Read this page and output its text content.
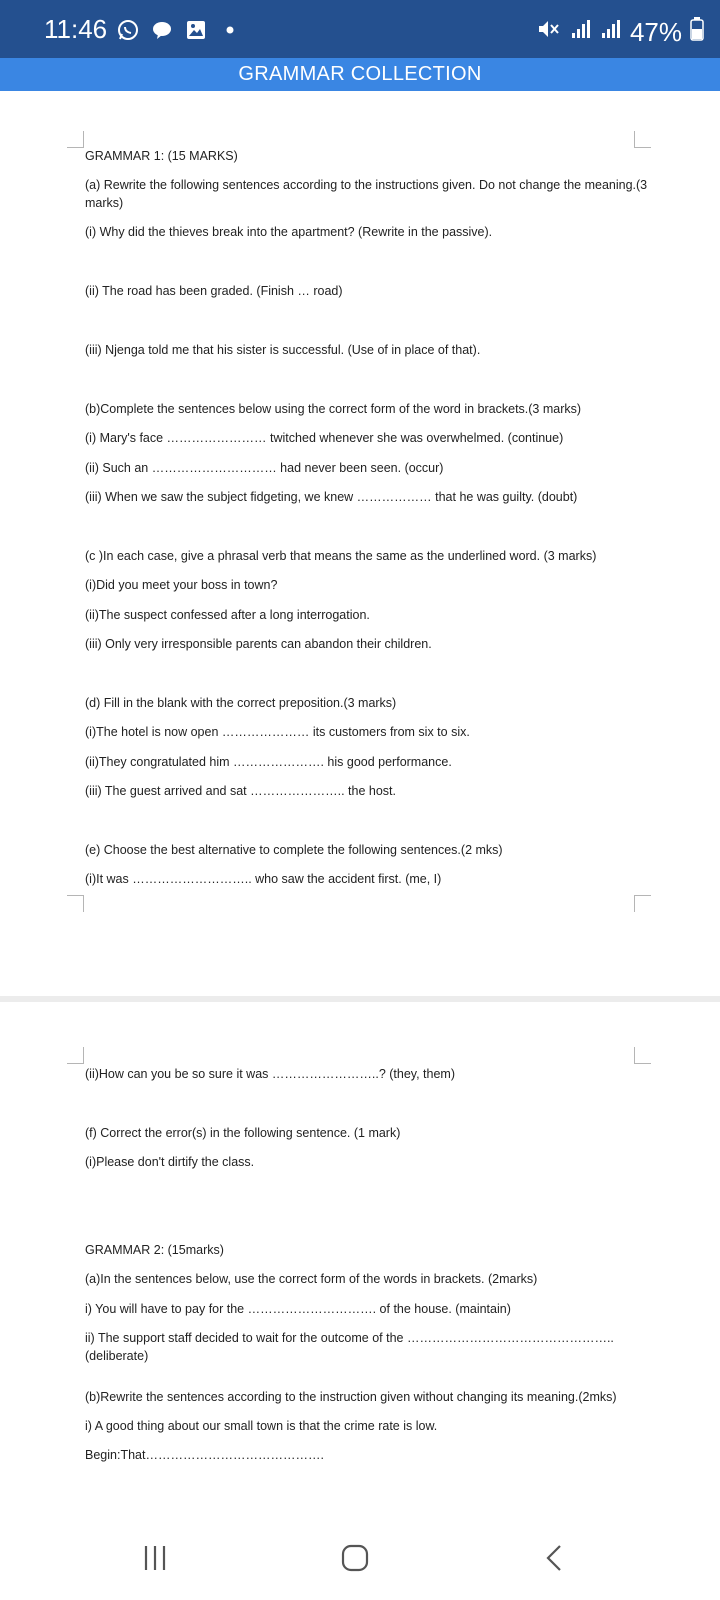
11:46	47%
GRAMMAR COLLECTION
GRAMMAR 1: (15 MARKS)
(a) Rewrite the following sentences according to the instructions given. Do not change the meaning.(3 marks)
(i) Why did the thieves break into the apartment? (Rewrite in the passive).
(ii) The road has been graded. (Finish … road)
(iii) Njenga told me that his sister is successful. (Use of in place of that).
(b)Complete the sentences below using the correct form of the word in brackets.(3 marks)
(i) Mary's face …………………… twitched whenever she was overwhelmed. (continue)
(ii) Such an ………………………… had never been seen. (occur)
(iii) When we saw the subject fidgeting, we knew ……………… that he was guilty. (doubt)
(c )In each case, give a phrasal verb that means the same as the underlined word. (3 marks)
(i)Did you meet your boss in town?
(ii)The suspect confessed after a long interrogation.
(iii) Only very irresponsible parents can abandon their children.
(d) Fill in the blank with the correct preposition.(3 marks)
(i)The hotel is now open ………………… its customers from six to six.
(ii)They congratulated him …………………. his good performance.
(iii) The guest arrived and sat ………………….. the host.
(e) Choose the best alternative to complete the following sentences.(2 mks)
(i)It was ……………………….. who saw the accident first. (me, I)
(ii)How can you be so sure it was ……………………..? (they, them)
(f) Correct the error(s) in the following sentence. (1 mark)
(i)Please don't dirtify the class.
GRAMMAR 2: (15marks)
(a)In the sentences below, use the correct form of the words in brackets. (2marks)
i) You will have to pay for the …………………………. of the house. (maintain)
ii) The support staff decided to wait for the outcome of the …………………………………………..(deliberate)
(b)Rewrite the sentences according to the instruction given without changing its meaning.(2mks)
i) A good thing about our small town is that the crime rate is low.
Begin:That…………………………………….
